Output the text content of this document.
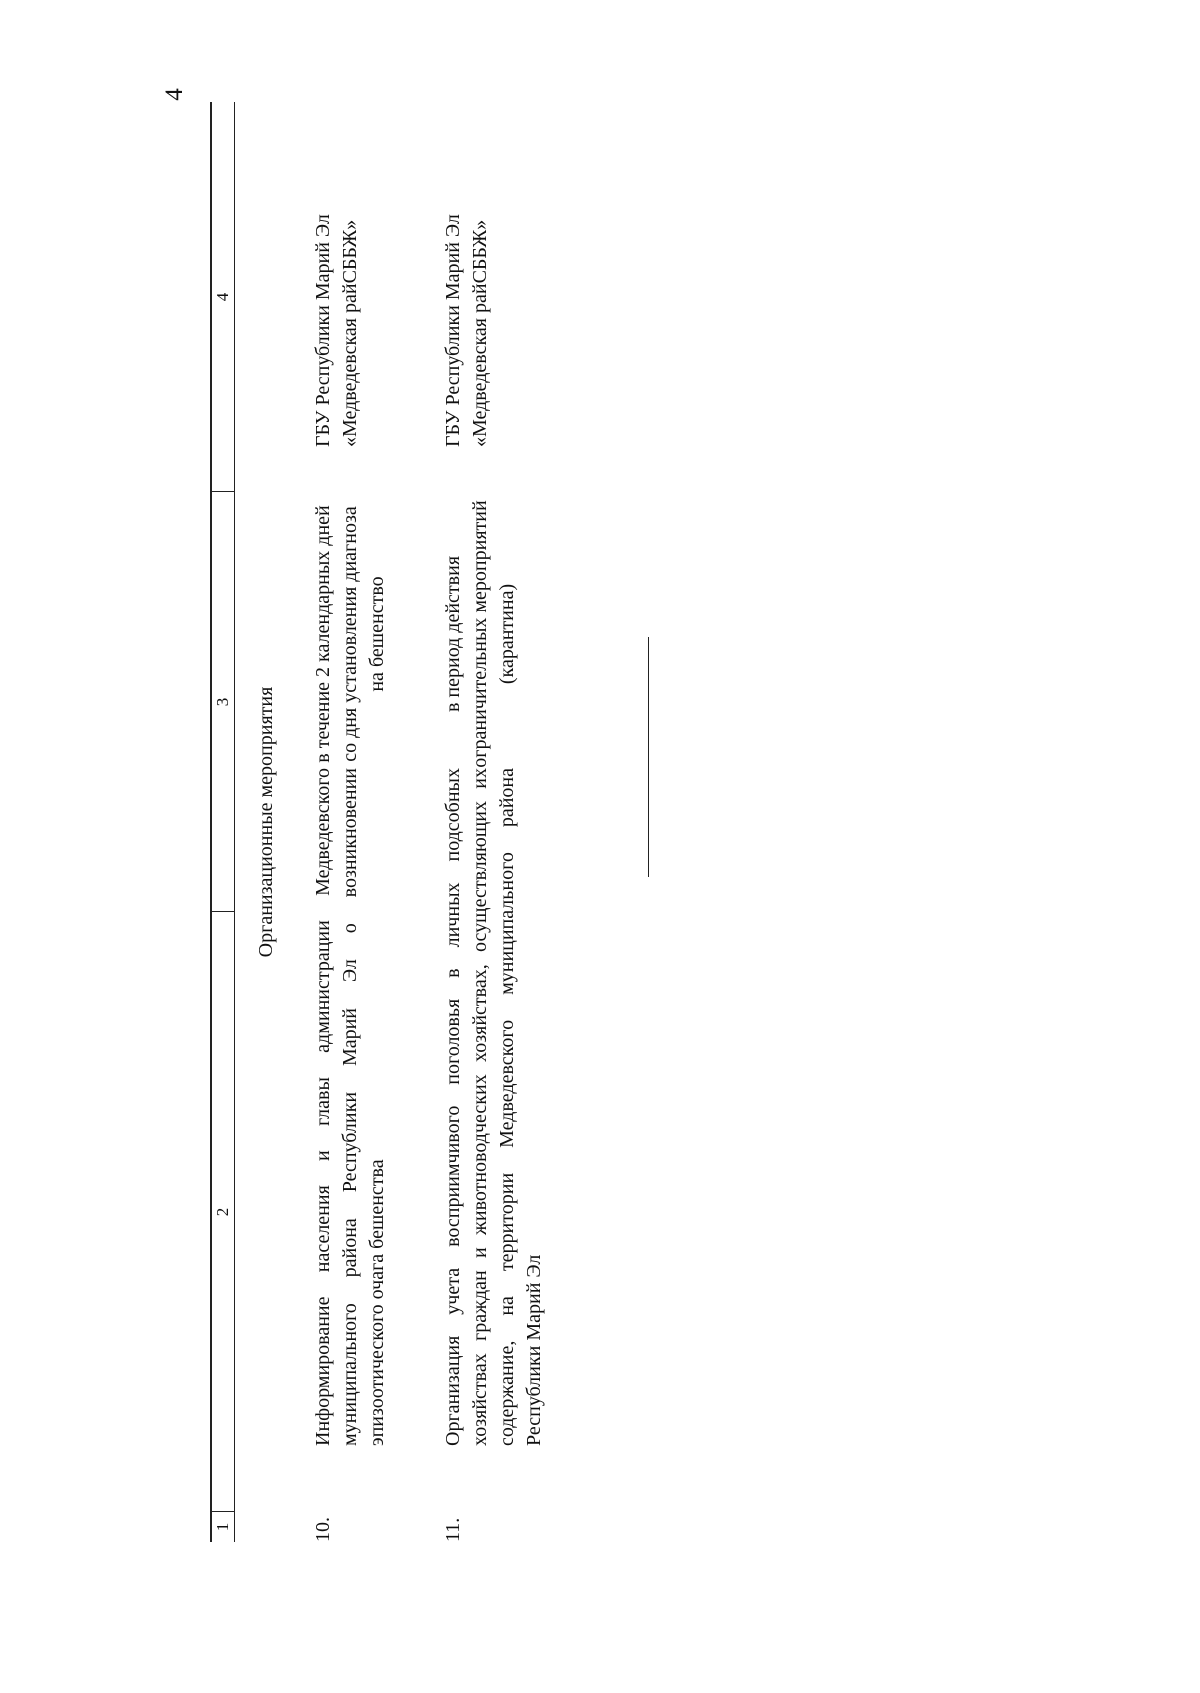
4
1
2
3
4
Организационные мероприятия
10.
Информирование населения и главы администрации Медведевского муниципального района Республики Марий Эл о возникновении эпизоотического очага бешенства
в течение 2 календарных дней со дня установления диагноза на бешенство
ГБУ Республики Марий Эл «Медведевская райСББЖ»
11.
Организация учета восприимчивого поголовья в личных подсобных хозяйствах граждан и животноводческих хозяйствах, осуществляющих их содержание, на территории Медведевского муниципального района Республики Марий Эл
в период действия ограничительных мероприятий (карантина)
ГБУ Республики Марий Эл «Медведевская райСББЖ»
